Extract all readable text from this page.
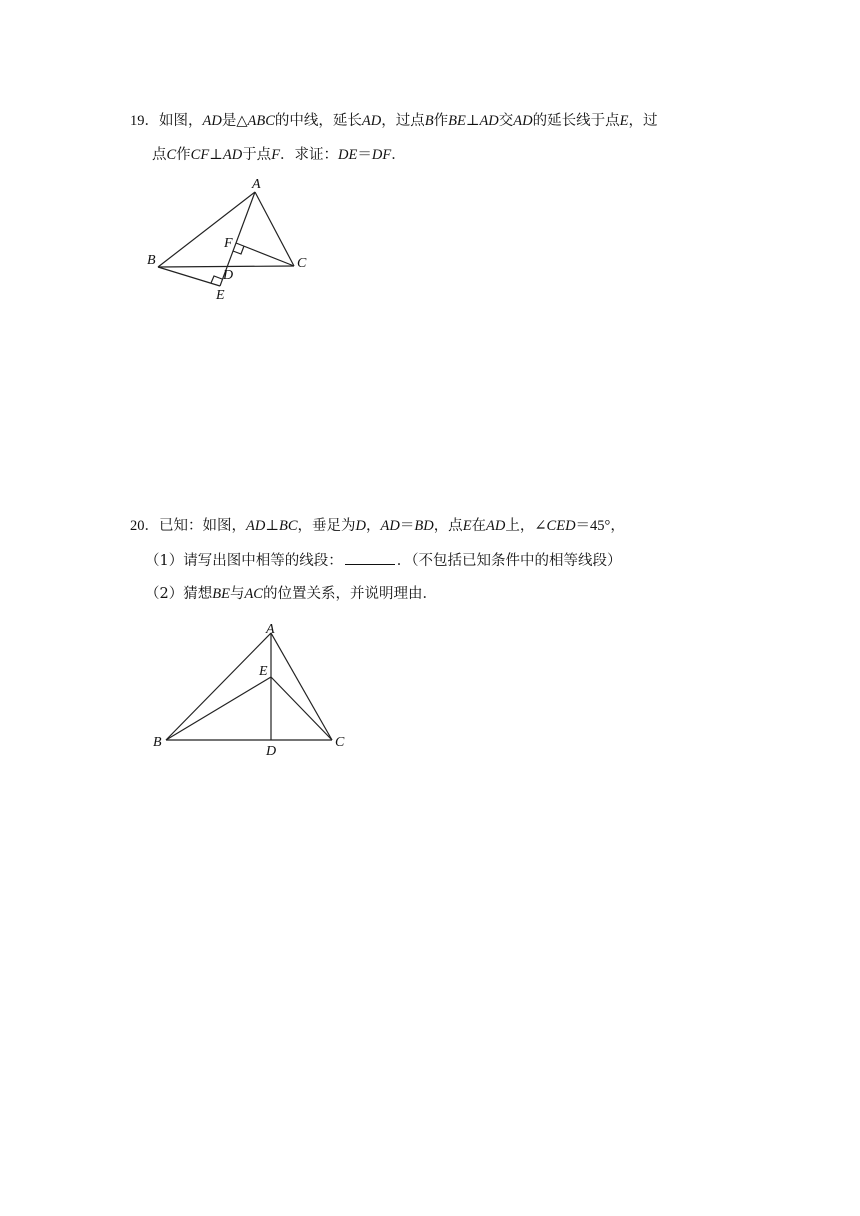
19．如图，AD是△ABC的中线，延长AD，过点B作BE⊥AD交AD的延长线于点E，过
点C作CF⊥AD于点F．求证：DE＝DF．
A
B	C
D
E
F
20．已知：如图，AD⊥BC，垂足为D，AD＝BD，点E在AD上，∠CED＝45°，
（1）请写出图中相等的线段：	．（不包括已知条件中的相等线段）
（2）猜想BE与AC的位置关系，并说明理由．
A
B	C
D
E
